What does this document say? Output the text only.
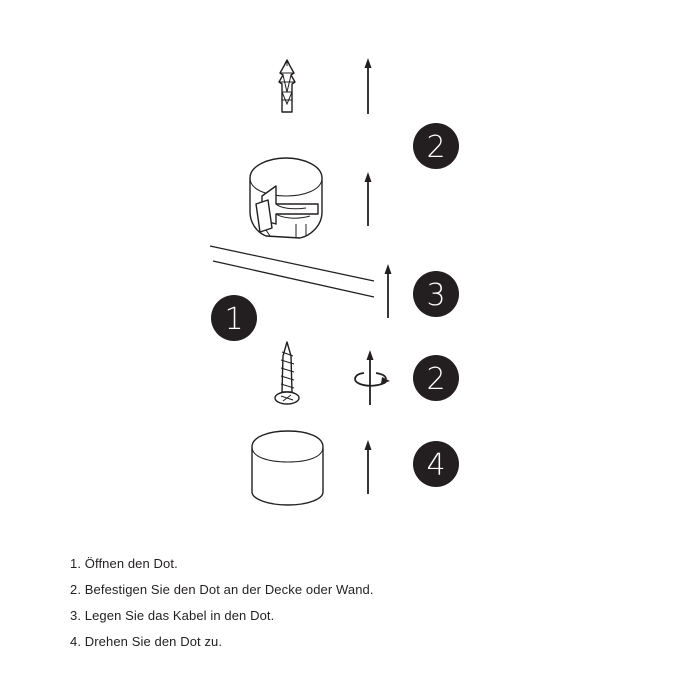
2
3
1
2
4
1. Öffnen den Dot.
2. Befestigen Sie den Dot an der Decke oder Wand.
3. Legen Sie das Kabel in den Dot.
4. Drehen Sie den Dot zu.
